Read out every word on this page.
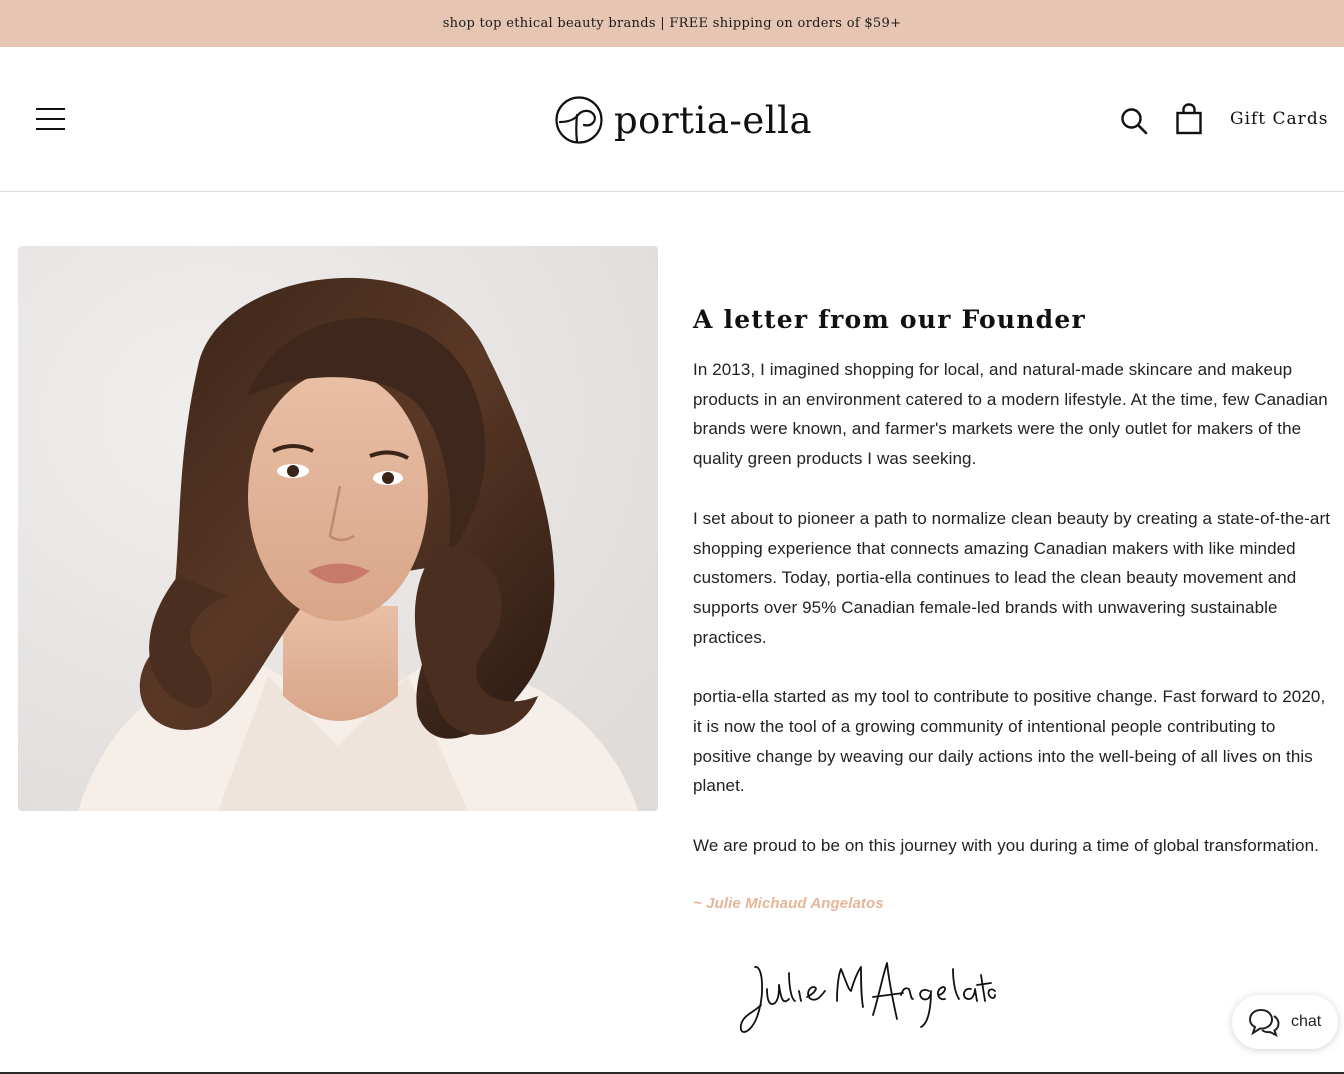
shop top ethical beauty brands | FREE shipping on orders of $59+
portia-ella	Gift Cards
A letter from our Founder

In 2013, I imagined shopping for local, and natural-made skincare and makeup products in an environment catered to a modern lifestyle. At the time, few Canadian brands were known, and farmer's markets were the only outlet for makers of the quality green products I was seeking.

I set about to pioneer a path to normalize clean beauty by creating a state-of-the-art shopping experience that connects amazing Canadian makers with like minded customers. Today, portia-ella continues to lead the clean beauty movement and supports over 95% Canadian female-led brands with unwavering sustainable practices.

portia-ella started as my tool to contribute to positive change. Fast forward to 2020, it is now the tool of a growing community of intentional people contributing to positive change by weaving our daily actions into the well-being of all lives on this planet.

We are proud to be on this journey with you during a time of global transformation.

~ Julie Michaud Angelatos

chat
